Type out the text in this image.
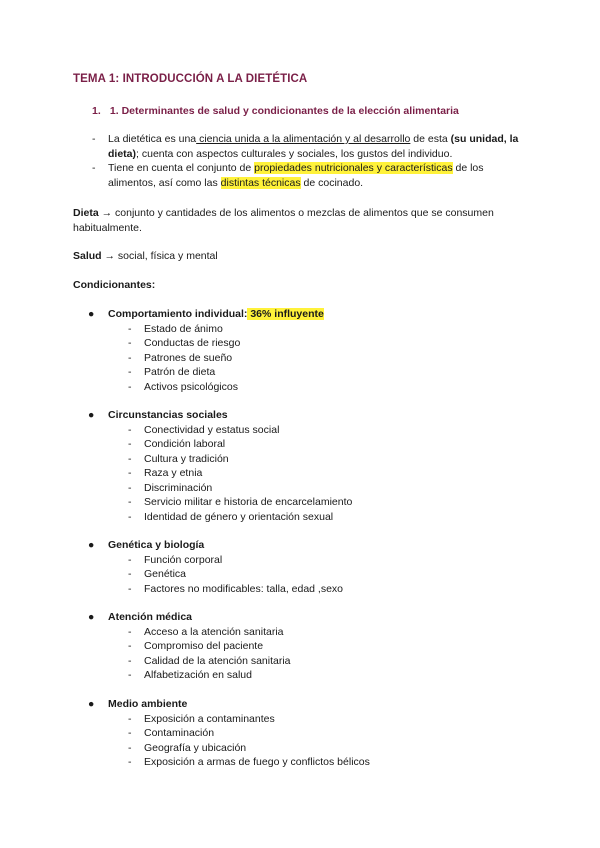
TEMA 1: INTRODUCCIÓN A LA DIETÉTICA
1. 1. Determinantes de salud y condicionantes de la elección alimentaria
- La dietética es una ciencia unida a la alimentación y al desarrollo de esta (su unidad, la dieta); cuenta con aspectos culturales y sociales, los gustos del individuo.
- Tiene en cuenta el conjunto de propiedades nutricionales y características de los alimentos, así como las distintas técnicas de cocinado.
Dieta → conjunto y cantidades de los alimentos o mezclas de alimentos que se consumen habitualmente.
Salud → social, física y mental
Condicionantes:
● Comportamiento individual: 36% influyente
- Estado de ánimo
- Conductas de riesgo
- Patrones de sueño
- Patrón de dieta
- Activos psicológicos
● Circunstancias sociales
- Conectividad y estatus social
- Condición laboral
- Cultura y tradición
- Raza y etnia
- Discriminación
- Servicio militar e historia de encarcelamiento
- Identidad de género y orientación sexual
● Genética y biología
- Función corporal
- Genética
- Factores no modificables: talla, edad ,sexo
● Atención médica
- Acceso a la atención sanitaria
- Compromiso del paciente
- Calidad de la atención sanitaria
- Alfabetización en salud
● Medio ambiente
- Exposición a contaminantes
- Contaminación
- Geografía y ubicación
- Exposición a armas de fuego y conflictos bélicos
